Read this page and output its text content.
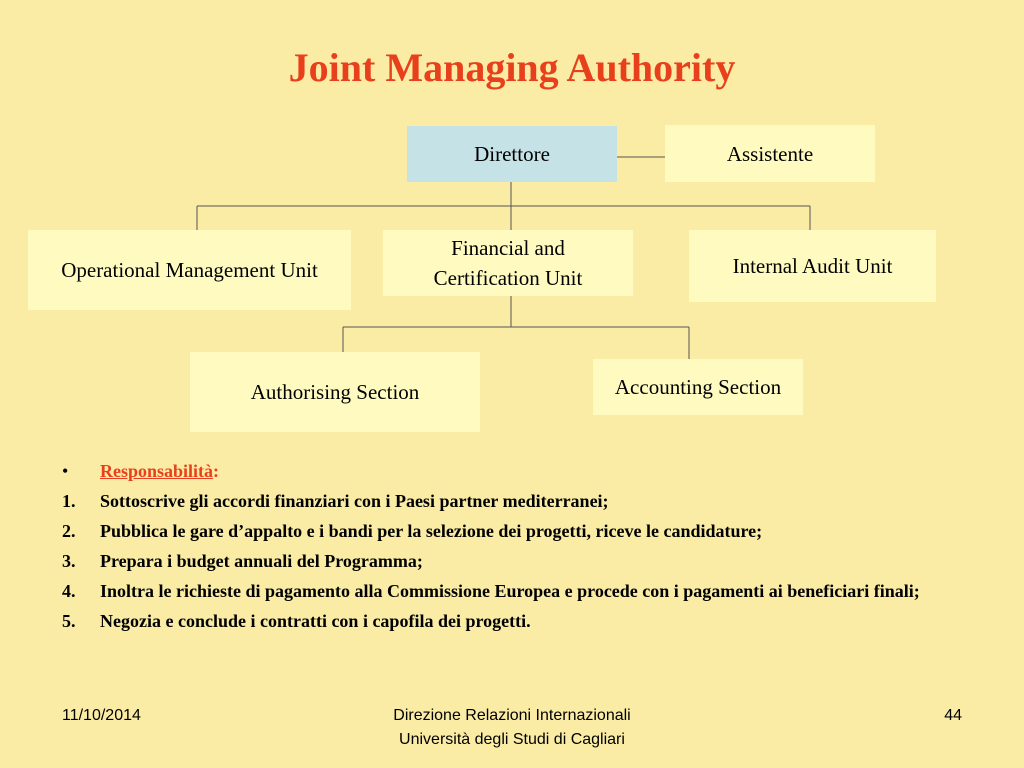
Joint Managing Authority
Direttore	Assistente
Operational Management Unit
Financial and Certification Unit	Internal Audit Unit
Authorising Section	Accounting Section
•	Responsabilità:
1.	Sottoscrive gli accordi finanziari con i Paesi partner mediterranei;
2.	Pubblica le gare d’appalto e i bandi per la selezione dei progetti, riceve le candidature;
3.	Prepara i budget annuali del Programma;
4.	Inoltra le richieste di pagamento alla Commissione Europea e procede con i pagamenti ai beneficiari finali;
5.	Negozia e conclude i contratti con i capofila dei progetti.
11/10/2014	Direzione Relazioni Internazionali
Università degli Studi di Cagliari
44
